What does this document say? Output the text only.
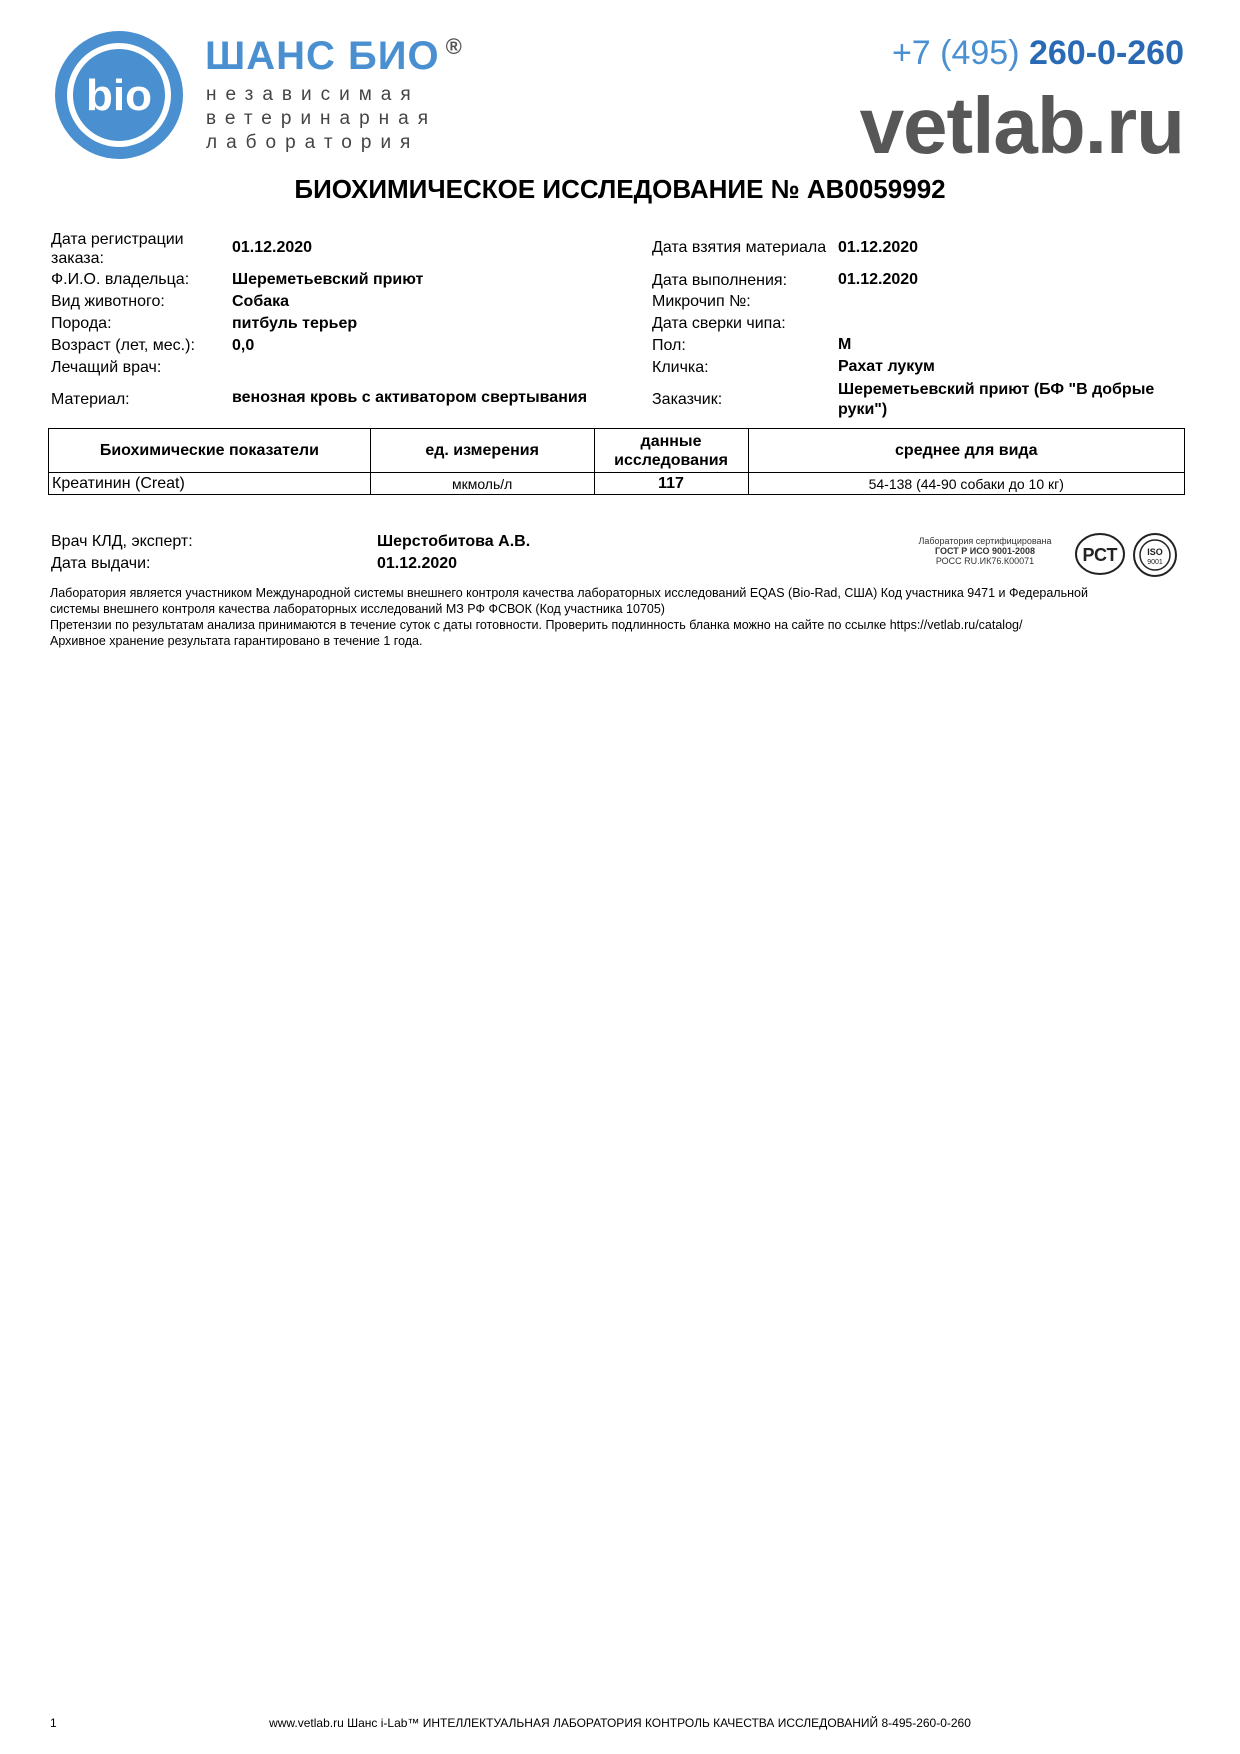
bio
ШАНС БИО ®
независимая
ветеринарная
лаборатория
+7 (495) 260-0-260
vetlab.ru
БИОХИМИЧЕСКОЕ ИССЛЕДОВАНИЕ № AB0059992
Дата регистрации заказа:
01.12.2020
Ф.И.О. владельца:	Шереметьевский приют
Вид животного:	Собака
Порода:	питбуль терьер
Возраст (лет, мес.): 0,0
Лечащий врач:
Материал:	венозная кровь с активатором свертывания
Дата взятия материала 01.12.2020
Дата выполнения:	01.12.2020
Микрочип №:
Дата сверки чипа:
Пол:	М
Кличка:	Рахат лукум
Заказчик:
Шереметьевский приют (БФ "В добрые руки")
Биохимические показатели	ед. измерения	данные исследования	среднее для вида
Креатинин (Creat)	мкмоль/л	117	54-138 (44-90 собаки до 10 кг)
Врач КЛД, эксперт:	Шерстобитова А.В.
Дата выдачи:	01.12.2020
Лаборатория сертифицирована
ГОСТ Р ИСО 9001-2008
РОСС RU.ИК76.К00071	РСТ	ISO
9001
Лаборатория является участником Международной системы внешнего контроля качества лабораторных исследований EQAS (Bio-Rad, США) Код участника 9471 и Федеральной
системы внешнего контроля качества лабораторных исследований МЗ РФ ФСВОК (Код участника 10705)
Претензии по результатам анализа принимаются в течение суток с даты готовности. Проверить подлинность бланка можно на сайте по ссылке https://vetlab.ru/catalog/
Архивное хранение результата гарантировано в течение 1 года.
www.vetlab.ru Шанс i-Lab™ ИНТЕЛЛЕКТУАЛЬНАЯ ЛАБОРАТОРИЯ КОНТРОЛЬ КАЧЕСТВА ИССЛЕДОВАНИЙ 8-495-260-0-260
1
